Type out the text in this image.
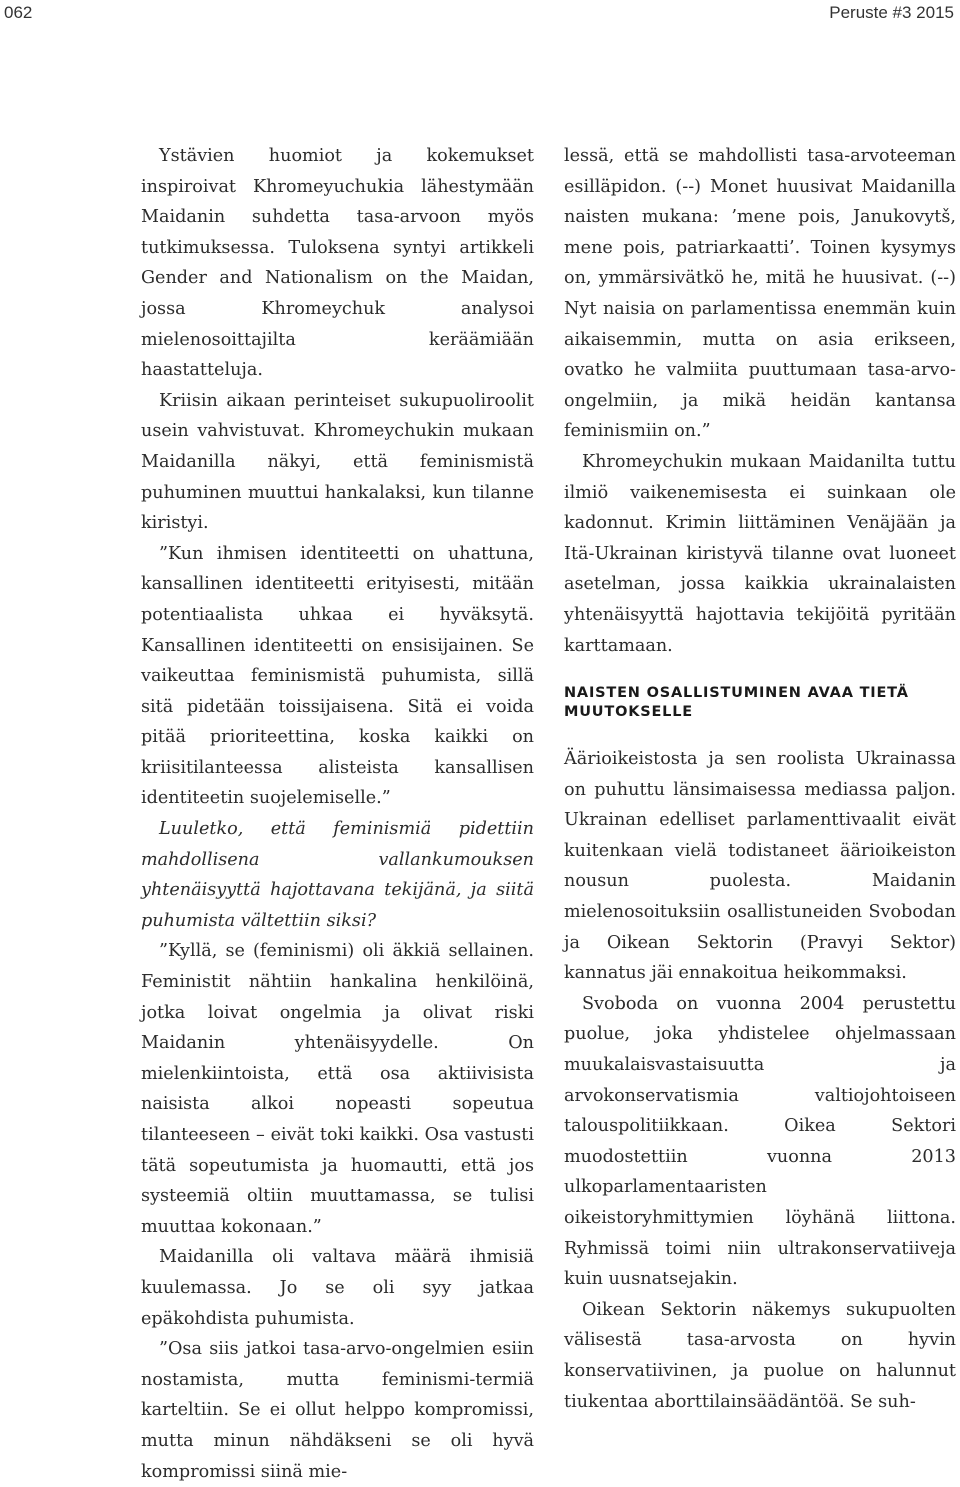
062	Peruste #3 2015

Ystävien huomiot ja kokemukset inspiroivat Khromeyuchukia lähestymään Maidanin suhdetta tasa-arvoon myös tutkimuksessa. Tuloksena syntyi artikkeli Gender and Nationalism on the Maidan, jossa Khromeychuk analysoi mielenosoittajilta keräämiään haastatteluja.

Kriisin aikaan perinteiset sukupuoliroolit usein vahvistuvat. Khromeychukin mukaan Maidanilla näkyi, että feminismistä puhuminen muuttui hankalaksi, kun tilanne kiristyi.

”Kun ihmisen identiteetti on uhattuna, kansallinen identiteetti erityisesti, mitään potentiaalista uhkaa ei hyväksytä. Kansallinen identiteetti on ensisijainen. Se vaikeuttaa feminismistä puhumista, sillä sitä pidetään toissijaisena. Sitä ei voida pitää prioriteettina, koska kaikki on kriisitilanteessa alisteista kansallisen identiteetin suojelemiselle.”

Luuletko, että feminismiä pidettiin mahdollisena vallankumouksen yhtenäisyyttä hajottavana tekijänä, ja siitä puhumista vältettiin siksi?

”Kyllä, se (feminismi) oli äkkiä sellainen. Feministit nähtiin hankalina henkilöinä, jotka loivat ongelmia ja olivat riski Maidanin yhtenäisyydelle. On mielenkiintoista, että osa aktiivisista naisista alkoi nopeasti sopeutua tilanteeseen – eivät toki kaikki. Osa vastusti tätä sopeutumista ja huomautti, että jos systeemiä oltiin muuttamassa, se tulisi muuttaa kokonaan.”

Maidanilla oli valtava määrä ihmisiä kuulemassa. Jo se oli syy jatkaa epäkohdista puhumista.

”Osa siis jatkoi tasa-arvo-ongelmien esiin nostamista, mutta feminismi-termiä karteltiin. Se ei ollut helppo kompromissi, mutta minun nähdäkseni se oli hyvä kompromissi siinä mie-

lessä, että se mahdollisti tasa-arvoteeman esilläpidon. (--) Monet huusivat Maidanilla naisten mukana: ’mene pois, Janukovytš, mene pois, patriarkaatti’. Toinen kysymys on, ymmärsivätkö he, mitä he huusivat. (--) Nyt naisia on parlamentissa enemmän kuin aikaisemmin, mutta on asia erikseen, ovatko he valmiita puuttumaan tasa-arvo-ongelmiin, ja mikä heidän kantansa feminismiin on.”

Khromeychukin mukaan Maidanilta tuttu ilmiö vaikenemisesta ei suinkaan ole kadonnut. Krimin liittäminen Venäjään ja Itä-Ukrainan kiristyvä tilanne ovat luoneet asetelman, jossa kaikkia ukrainalaisten yhtenäisyyttä hajottavia tekijöitä pyritään karttamaan.

NAISTEN OSALLISTUMINEN AVAA TIETÄ MUUTOKSELLE

Äärioikeistosta ja sen roolista Ukrainassa on puhuttu länsimaisessa mediassa paljon. Ukrainan edelliset parlamenttivaalit eivät kuitenkaan vielä todistaneet äärioikeiston nousun puolesta. Maidanin mielenosoituksiin osallistuneiden Svobodan ja Oikean Sektorin (Pravyi Sektor) kannatus jäi ennakoitua heikommaksi.

Svoboda on vuonna 2004 perustettu puolue, joka yhdistelee ohjelmassaan muukalaisvastaisuutta ja arvokonservatismia valtiojohtoiseen talouspolitiikkaan. Oikea Sektori muodostettiin vuonna 2013 ulkoparlamentaaristen oikeistoryhmittymien löyhänä liittona. Ryhmissä toimi niin ultrakonservatiiveja kuin uusnatsejakin.

Oikean Sektorin näkemys sukupuolten välisestä tasa-arvosta on hyvin konservatiivinen, ja puolue on halunnut tiukentaa aborttilainsäädäntöä. Se suh-
